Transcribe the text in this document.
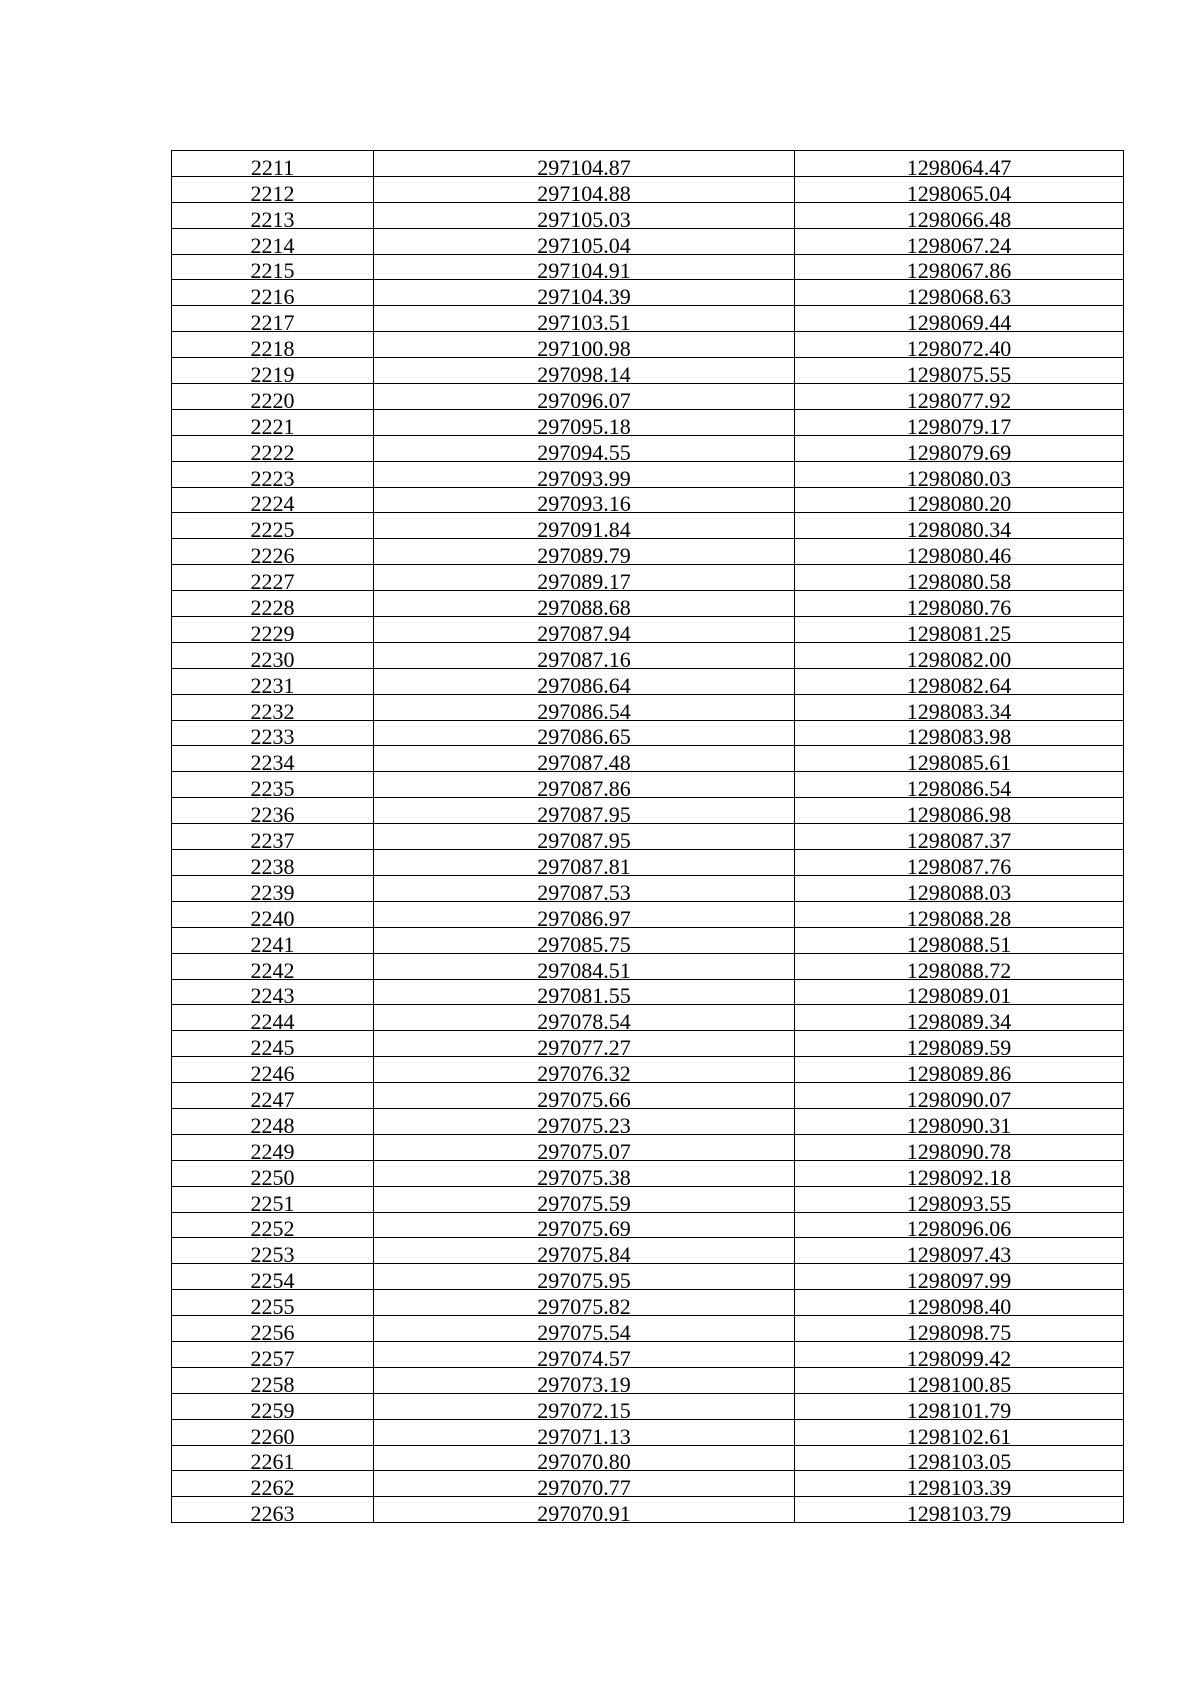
2211	297104.87	1298064.47
2212	297104.88	1298065.04
2213	297105.03	1298066.48
2214	297105.04	1298067.24
2215	297104.91	1298067.86
2216	297104.39	1298068.63
2217	297103.51	1298069.44
2218	297100.98	1298072.40
2219	297098.14	1298075.55
2220	297096.07	1298077.92
2221	297095.18	1298079.17
2222	297094.55	1298079.69
2223	297093.99	1298080.03
2224	297093.16	1298080.20
2225	297091.84	1298080.34
2226	297089.79	1298080.46
2227	297089.17	1298080.58
2228	297088.68	1298080.76
2229	297087.94	1298081.25
2230	297087.16	1298082.00
2231	297086.64	1298082.64
2232	297086.54	1298083.34
2233	297086.65	1298083.98
2234	297087.48	1298085.61
2235	297087.86	1298086.54
2236	297087.95	1298086.98
2237	297087.95	1298087.37
2238	297087.81	1298087.76
2239	297087.53	1298088.03
2240	297086.97	1298088.28
2241	297085.75	1298088.51
2242	297084.51	1298088.72
2243	297081.55	1298089.01
2244	297078.54	1298089.34
2245	297077.27	1298089.59
2246	297076.32	1298089.86
2247	297075.66	1298090.07
2248	297075.23	1298090.31
2249	297075.07	1298090.78
2250	297075.38	1298092.18
2251	297075.59	1298093.55
2252	297075.69	1298096.06
2253	297075.84	1298097.43
2254	297075.95	1298097.99
2255	297075.82	1298098.40
2256	297075.54	1298098.75
2257	297074.57	1298099.42
2258	297073.19	1298100.85
2259	297072.15	1298101.79
2260	297071.13	1298102.61
2261	297070.80	1298103.05
2262	297070.77	1298103.39
2263	297070.91	1298103.79
